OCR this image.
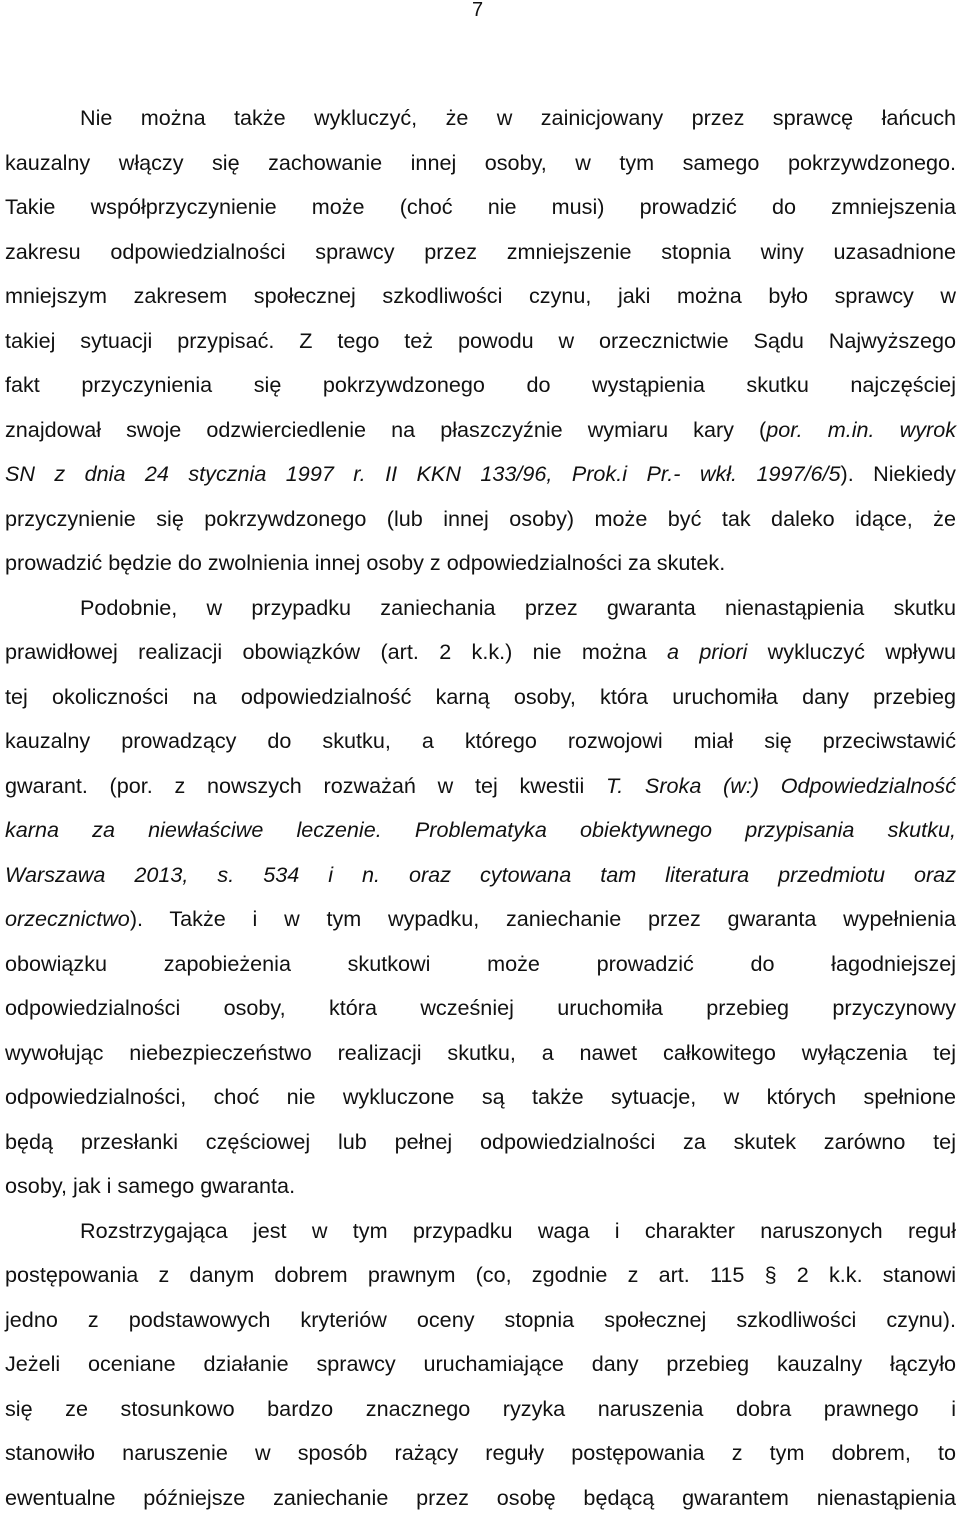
7
Nie można także wykluczyć, że w zainicjowany przez sprawcę łańcuch
kauzalny włączy się zachowanie innej osoby, w tym samego pokrzywdzonego.
Takie współprzyczynienie może (choć nie musi) prowadzić do zmniejszenia
zakresu odpowiedzialności sprawcy przez zmniejszenie stopnia winy uzasadnione
mniejszym zakresem społecznej szkodliwości czynu, jaki można było sprawcy w
takiej sytuacji przypisać. Z tego też powodu w orzecznictwie Sądu Najwyższego
fakt przyczynienia się pokrzywdzonego do wystąpienia skutku najczęściej
znajdował swoje odzwierciedlenie na płaszczyźnie wymiaru kary (por. m.in. wyrok
SN z dnia 24 stycznia 1997 r. II KKN 133/96, Prok.i Pr.- wkł. 1997/6/5). Niekiedy
przyczynienie się pokrzywdzonego (lub innej osoby) może być tak daleko idące, że
prowadzić będzie do zwolnienia innej osoby z odpowiedzialności za skutek.
Podobnie, w przypadku zaniechania przez gwaranta nienastąpienia skutku
prawidłowej realizacji obowiązków (art. 2 k.k.) nie można a priori wykluczyć wpływu
tej okoliczności na odpowiedzialność karną osoby, która uruchomiła dany przebieg
kauzalny prowadzący do skutku, a którego rozwojowi miał się przeciwstawić
gwarant. (por. z nowszych rozważań w tej kwestii T. Sroka (w:) Odpowiedzialność
karna za niewłaściwe leczenie. Problematyka obiektywnego przypisania skutku,
Warszawa 2013, s. 534 i n. oraz cytowana tam literatura przedmiotu oraz
orzecznictwo). Także i w tym wypadku, zaniechanie przez gwaranta wypełnienia
obowiązku zapobieżenia skutkowi może prowadzić do łagodniejszej
odpowiedzialności osoby, która wcześniej uruchomiła przebieg przyczynowy
wywołując niebezpieczeństwo realizacji skutku, a nawet całkowitego wyłączenia tej
odpowiedzialności, choć nie wykluczone są także sytuacje, w których spełnione
będą przesłanki częściowej lub pełnej odpowiedzialności za skutek zarówno tej
osoby, jak i samego gwaranta.
Rozstrzygająca jest w tym przypadku waga i charakter naruszonych reguł
postępowania z danym dobrem prawnym (co, zgodnie z art. 115 § 2 k.k. stanowi
jedno z podstawowych kryteriów oceny stopnia społecznej szkodliwości czynu).
Jeżeli oceniane działanie sprawcy uruchamiające dany przebieg kauzalny łączyło
się ze stosunkowo bardzo znacznego ryzyka naruszenia dobra prawnego i
stanowiło naruszenie w sposób rażący reguły postępowania z tym dobrem, to
ewentualne późniejsze zaniechanie przez osobę będącą gwarantem nienastąpienia
